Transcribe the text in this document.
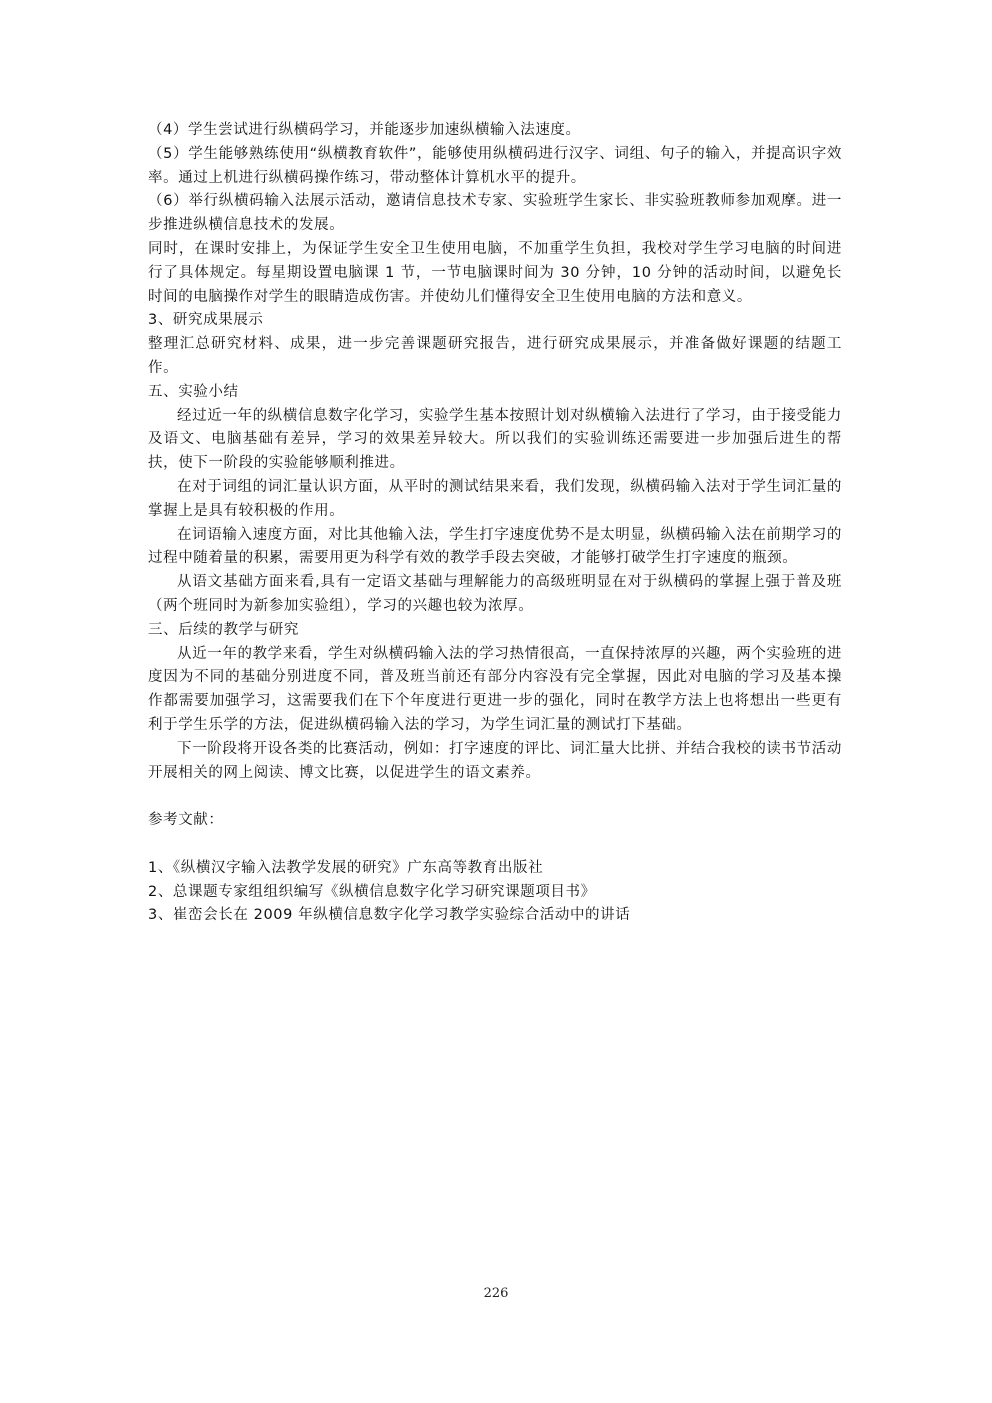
（4）学生尝试进行纵横码学习，并能逐步加速纵横输入法速度。

（5）学生能够熟练使用“纵横教育软件”，能够使用纵横码进行汉字、词组、句子的输入，并提高识字效率。通过上机进行纵横码操作练习，带动整体计算机水平的提升。

（6）举行纵横码输入法展示活动，邀请信息技术专家、实验班学生家长、非实验班教师参加观摩。进一步推进纵横信息技术的发展。

同时，在课时安排上，为保证学生安全卫生使用电脑，不加重学生负担，我校对学生学习电脑的时间进行了具体规定。每星期设置电脑课 1 节，一节电脑课时间为 30 分钟，10 分钟的活动时间，以避免长时间的电脑操作对学生的眼睛造成伤害。并使幼儿们懂得安全卫生使用电脑的方法和意义。

3、研究成果展示

整理汇总研究材料、成果，进一步完善课题研究报告，进行研究成果展示，并准备做好课题的结题工作。

五、实验小结

经过近一年的纵横信息数字化学习，实验学生基本按照计划对纵横输入法进行了学习，由于接受能力及语文、电脑基础有差异，学习的效果差异较大。所以我们的实验训练还需要进一步加强后进生的帮扶，使下一阶段的实验能够顺利推进。

在对于词组的词汇量认识方面，从平时的测试结果来看，我们发现，纵横码输入法对于学生词汇量的掌握上是具有较积极的作用。

在词语输入速度方面，对比其他输入法，学生打字速度优势不是太明显，纵横码输入法在前期学习的过程中随着量的积累，需要用更为科学有效的教学手段去突破，才能够打破学生打字速度的瓶颈。

从语文基础方面来看,具有一定语文基础与理解能力的高级班明显在对于纵横码的掌握上强于普及班（两个班同时为新参加实验组），学习的兴趣也较为浓厚。

三、后续的教学与研究

从近一年的教学来看，学生对纵横码输入法的学习热情很高，一直保持浓厚的兴趣，两个实验班的进度因为不同的基础分别进度不同，普及班当前还有部分内容没有完全掌握，因此对电脑的学习及基本操作都需要加强学习，这需要我们在下个年度进行更进一步的强化，同时在教学方法上也将想出一些更有利于学生乐学的方法，促进纵横码输入法的学习，为学生词汇量的测试打下基础。

下一阶段将开设各类的比赛活动，例如：打字速度的评比、词汇量大比拼、并结合我校的读书节活动开展相关的网上阅读、博文比赛，以促进学生的语文素养。

参考文献：

1、《纵横汉字输入法教学发展的研究》广东高等教育出版社

2、总课题专家组组织编写《纵横信息数字化学习研究课题项目书》

3、崔峦会长在 2009 年纵横信息数字化学习教学实验综合活动中的讲话

226
